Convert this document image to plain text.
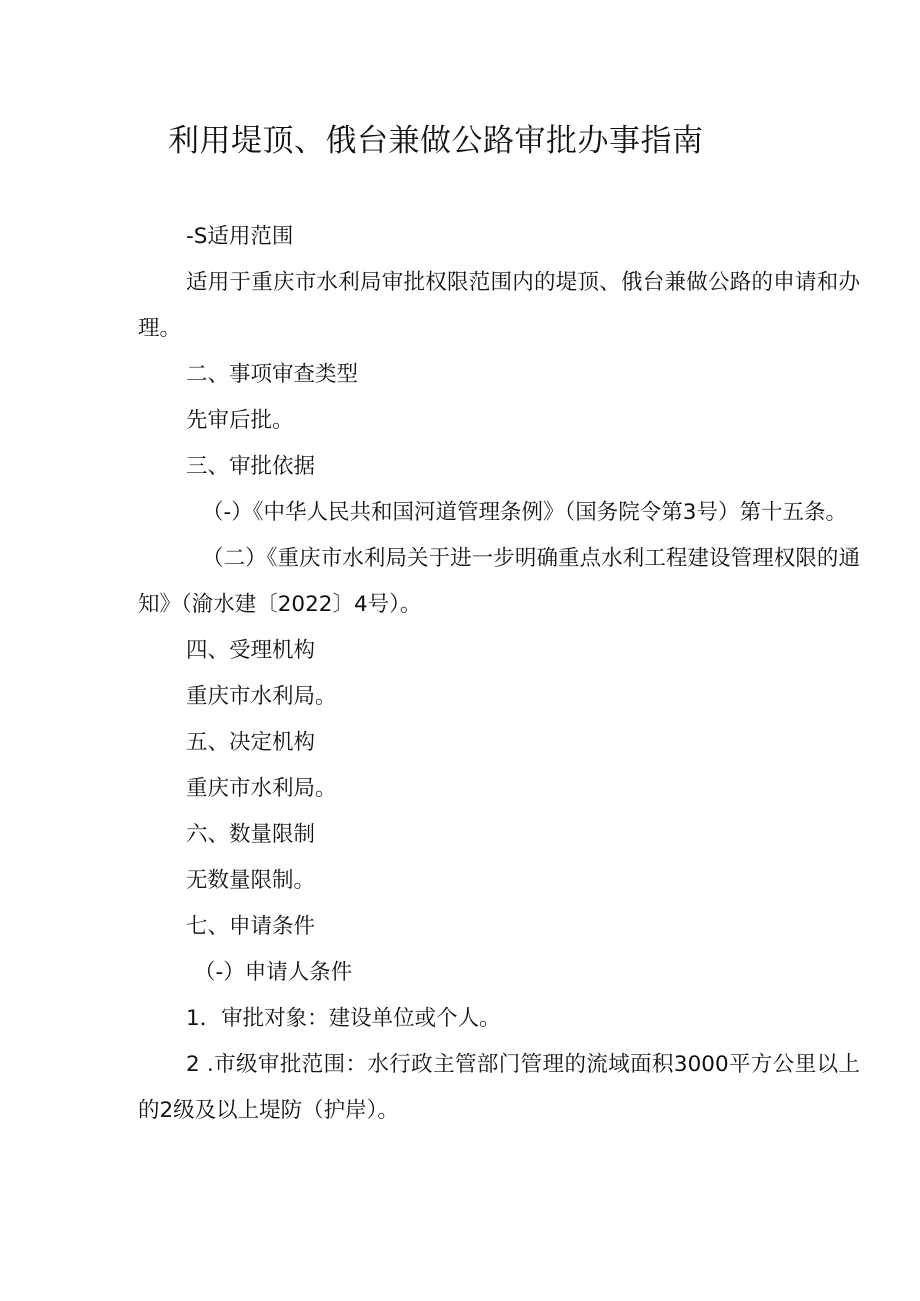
利用堤顶、俄台兼做公路审批办事指南

-S适用范围

适用于重庆市水利局审批权限范围内的堤顶、俄台兼做公路的申请和办理。

二、事项审查类型

先审后批。

三、审批依据

（-）《中华人民共和国河道管理条例》（国务院令第3号）第十五条。

（二）《重庆市水利局关于进一步明确重点水利工程建设管理权限的通知》（渝水建〔2022〕4号）。

四、受理机构

重庆市水利局。

五、决定机构

重庆市水利局。

六、数量限制

无数量限制。

七、申请条件

（-）申请人条件

1．审批对象：建设单位或个人。

2 .市级审批范围：水行政主管部门管理的流域面积3000平方公里以上的2级及以上堤防（护岸）。
